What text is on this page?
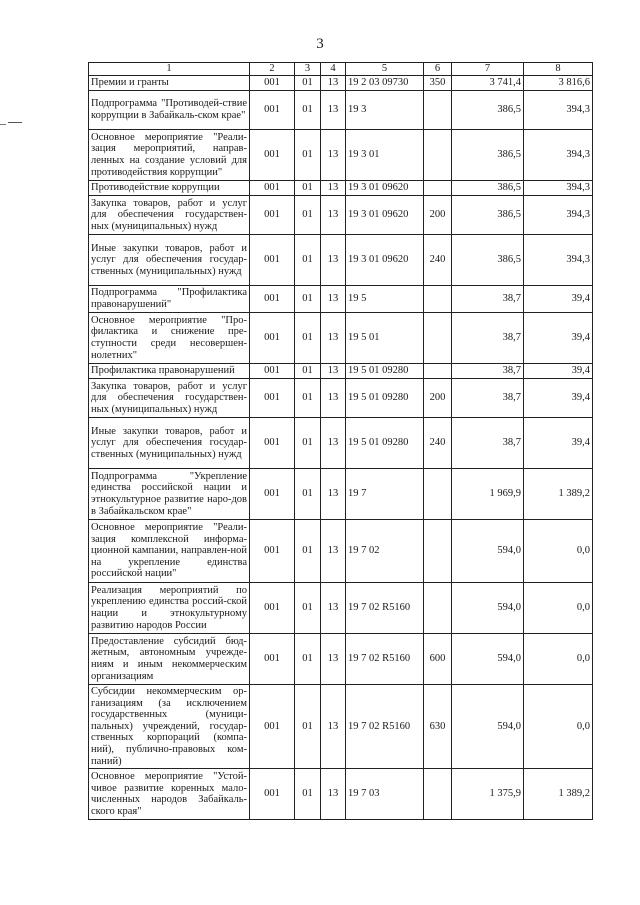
3
1	2	3	4	5	6	7	8
Премии и гранты	001	01	13	19 2 03 09730	350	3 741,4	3 816,6
Подпрограмма "Противодей-ствие коррупции в Забайкаль-ском крае"	001	01	13	19 3		386,5	394,3
Основное мероприятие "Реали-зация мероприятий, направ-ленных на создание условий для противодействия коррупции"	001	01	13	19 3 01		386,5	394,3
Противодействие коррупции	001	01	13	19 3 01 09620		386,5	394,3
Закупка товаров, работ и услуг для обеспечения государствен-ных (муниципальных) нужд	001	01	13	19 3 01 09620	200	386,5	394,3
Иные закупки товаров, работ и услуг для обеспечения государ-ственных (муниципальных) нужд	001	01	13	19 3 01 09620	240	386,5	394,3
Подпрограмма "Профилактика правонарушений"	001	01	13	19 5		38,7	39,4
Основное мероприятие "Про-филактика и снижение пре-ступности среди несовершен-нолетних"	001	01	13	19 5 01		38,7	39,4
Профилактика правонарушений	001	01	13	19 5 01 09280		38,7	39,4
Закупка товаров, работ и услуг для обеспечения государствен-ных (муниципальных) нужд	001	01	13	19 5 01 09280	200	38,7	39,4
Иные закупки товаров, работ и услуг для обеспечения государ-ственных (муниципальных) нужд	001	01	13	19 5 01 09280	240	38,7	39,4
Подпрограмма "Укрепление единства российской нации и этнокультурное развитие наро-дов в Забайкальском крае"	001	01	13	19 7		1 969,9	1 389,2
Основное мероприятие "Реали-зация комплексной информа-ционной кампании, направлен-ной на укрепление единства российской нации"	001	01	13	19 7 02		594,0	0,0
Реализация мероприятий по укреплению единства россий-ской нации и этнокультурному развитию народов России	001	01	13	19 7 02 R5160		594,0	0,0
Предоставление субсидий бюд-жетным, автономным учрежде-ниям и иным некоммерческим организациям	001	01	13	19 7 02 R5160	600	594,0	0,0
Субсидии некоммерческим ор-ганизациям (за исключением государственных (муници-пальных) учреждений, государ-ственных корпораций (компа-ний), публично-правовых ком-паний)	001	01	13	19 7 02 R5160	630	594,0	0,0
Основное мероприятие "Устой-чивое развитие коренных мало-численных народов Забайкаль-ского края"	001	01	13	19 7 03		1 375,9	1 389,2
